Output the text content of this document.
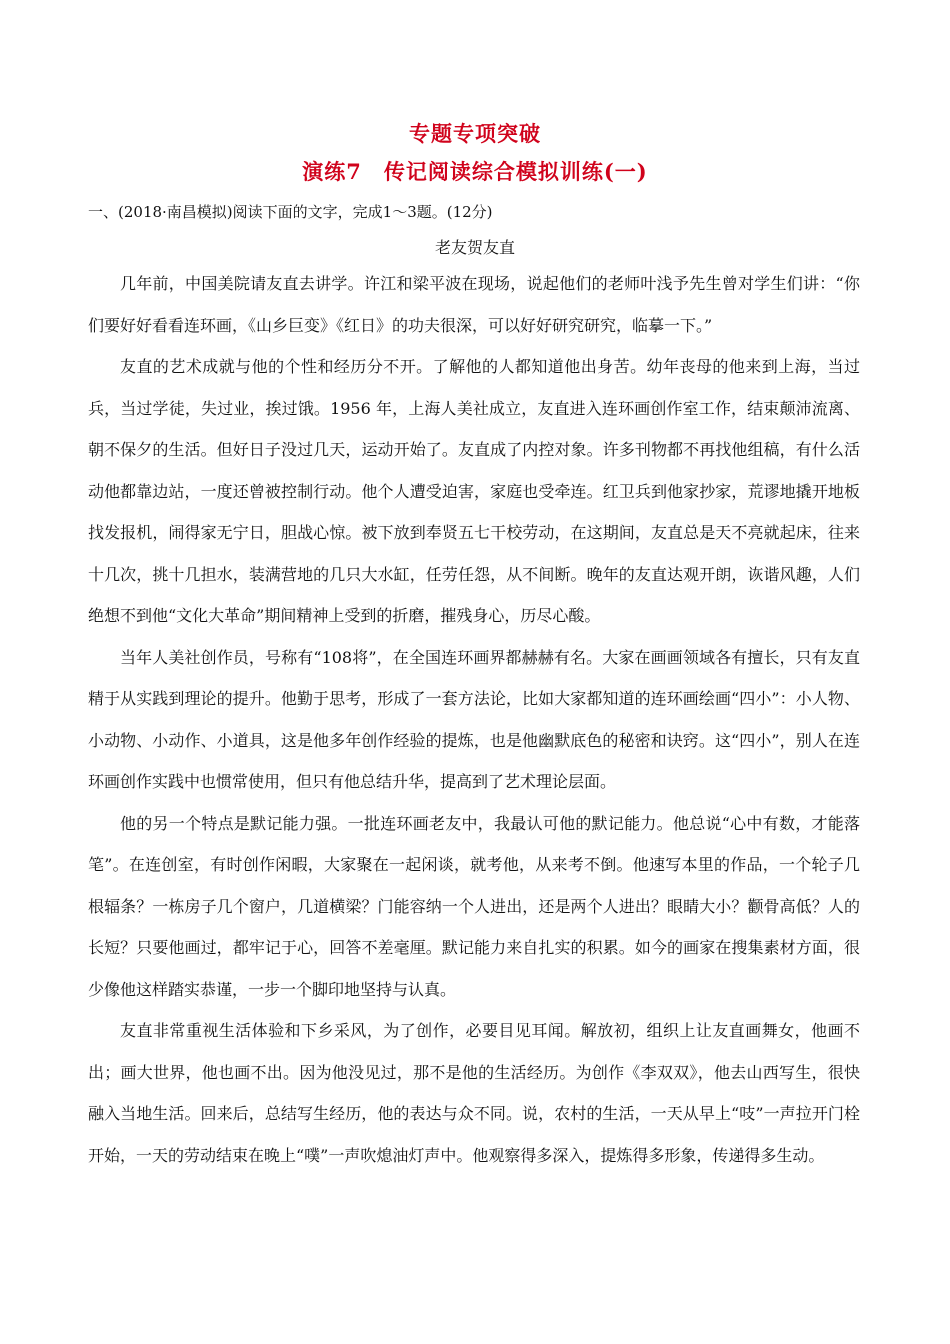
专题专项突破
演练7　传记阅读综合模拟训练(一)
一、(2018·南昌模拟)阅读下面的文字，完成1～3题。(12分)
老友贺友直

几年前，中国美院请友直去讲学。许江和梁平波在现场，说起他们的老师叶浅予先生曾对学生们讲：“你们要好好看看连环画，《山乡巨变》《红日》的功夫很深，可以好好研究研究，临摹一下。”

友直的艺术成就与他的个性和经历分不开。了解他的人都知道他出身苦。幼年丧母的他来到上海，当过兵，当过学徒，失过业，挨过饿。1956 年，上海人美社成立，友直进入连环画创作室工作，结束颠沛流离、朝不保夕的生活。但好日子没过几天，运动开始了。友直成了内控对象。许多刊物都不再找他组稿，有什么活动他都靠边站，一度还曾被控制行动。他个人遭受迫害，家庭也受牵连。红卫兵到他家抄家，荒谬地撬开地板找发报机，闹得家无宁日，胆战心惊。被下放到奉贤五七干校劳动，在这期间，友直总是天不亮就起床，往来十几次，挑十几担水，装满营地的几只大水缸，任劳任怨，从不间断。晚年的友直达观开朗，诙谐风趣，人们绝想不到他“文化大革命”期间精神上受到的折磨，摧残身心，历尽心酸。

当年人美社创作员，号称有“108将”，在全国连环画界都赫赫有名。大家在画画领域各有擅长，只有友直精于从实践到理论的提升。他勤于思考，形成了一套方法论，比如大家都知道的连环画绘画“四小”：小人物、小动物、小动作、小道具，这是他多年创作经验的提炼，也是他幽默底色的秘密和诀窍。这“四小”，别人在连环画创作实践中也惯常使用，但只有他总结升华，提高到了艺术理论层面。

他的另一个特点是默记能力强。一批连环画老友中，我最认可他的默记能力。他总说“心中有数，才能落笔”。在连创室，有时创作闲暇，大家聚在一起闲谈，就考他，从来考不倒。他速写本里的作品，一个轮子几根辐条？一栋房子几个窗户，几道横梁？门能容纳一个人进出，还是两个人进出？眼睛大小？颧骨高低？人的长短？只要他画过，都牢记于心，回答不差毫厘。默记能力来自扎实的积累。如今的画家在搜集素材方面，很少像他这样踏实恭谨，一步一个脚印地坚持与认真。

友直非常重视生活体验和下乡采风，为了创作，必要目见耳闻。解放初，组织上让友直画舞女，他画不出；画大世界，他也画不出。因为他没见过，那不是他的生活经历。为创作《李双双》，他去山西写生，很快融入当地生活。回来后，总结写生经历，他的表达与众不同。说，农村的生活，一天从早上“吱”一声拉开门栓开始，一天的劳动结束在晚上“噗”一声吹熄油灯声中。他观察得多深入，提炼得多形象，传递得多生动。
